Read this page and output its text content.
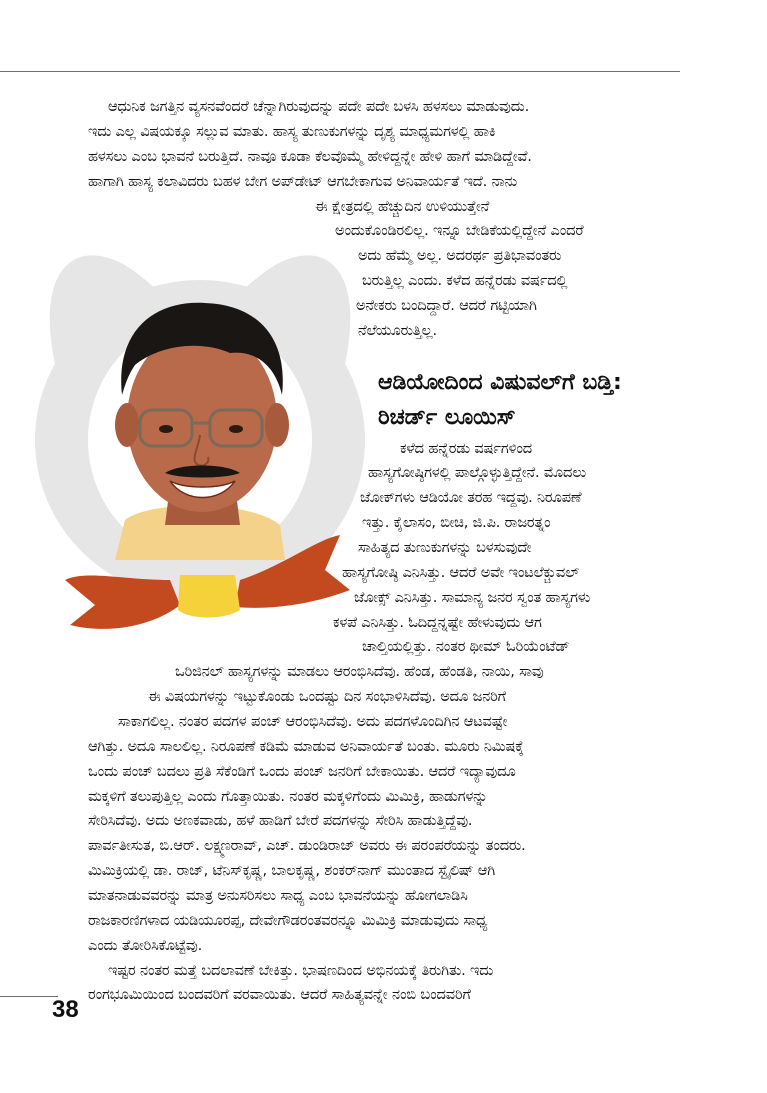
ಆಧುನಿಕ ಜಗತ್ತಿನ ವ್ಯಸನವೆಂದರೆ ಚೆನ್ನಾಗಿರುವುದನ್ನು ಪದೇ ಪದೇ ಬಳಸಿ ಹಳಸಲು ಮಾಡುವುದು.
ಇದು ಎಲ್ಲ ವಿಷಯಕ್ಕೂ ಸಲ್ಲುವ ಮಾತು. ಹಾಸ್ಯ ತುಣುಕುಗಳನ್ನು ದೃಶ್ಯ ಮಾಧ್ಯಮಗಳಲ್ಲಿ ಹಾಕಿ
ಹಳಸಲು ಎಂಬ ಭಾವನೆ ಬರುತ್ತಿದೆ. ನಾವೂ ಕೂಡಾ ಕೆಲವೊಮ್ಮೆ ಹೇಳಿದ್ದನ್ನೇ ಹೇಳಿ ಹಾಗೆ ಮಾಡಿದ್ದೇವೆ.
ಹಾಗಾಗಿ ಹಾಸ್ಯ ಕಲಾವಿದರು ಬಹಳ ಬೇಗ ಅಪ್‌ಡೇಟ್ ಆಗಬೇಕಾಗುವ ಅನಿವಾರ್ಯತೆ ಇದೆ. ನಾನು
ಈ ಕ್ಷೇತ್ರದಲ್ಲಿ ಹೆಚ್ಚುದಿನ ಉಳಿಯುತ್ತೇನೆ
ಅಂದುಕೊಂಡಿರಲಿಲ್ಲ. ಇನ್ನೂ ಬೇಡಿಕೆಯಲ್ಲಿದ್ದೇನೆ ಎಂದರೆ
ಅದು ಹೆಮ್ಮೆ ಅಲ್ಲ. ಅದರರ್ಥ ಪ್ರತಿಭಾವಂತರು
ಬರುತ್ತಿಲ್ಲ ಎಂದು. ಕಳೆದ ಹನ್ನೆರಡು ವರ್ಷದಲ್ಲಿ
ಅನೇಕರು ಬಂದಿದ್ದಾರೆ. ಆದರೆ ಗಟ್ಟಿಯಾಗಿ
ನೆಲೆಯೂರುತ್ತಿಲ್ಲ.
ಆಡಿಯೋದಿಂದ ವಿಷುವಲ್‌ಗೆ ಬಡ್ತಿ:
ರಿಚರ್ಡ್ ಲೂಯಿಸ್
ಕಳೆದ ಹನ್ನೆರಡು ವರ್ಷಗಳಿಂದ
ಹಾಸ್ಯಗೋಷ್ಠಿಗಳಲ್ಲಿ ಪಾಲ್ಗೊಳ್ಳುತ್ತಿದ್ದೇನೆ. ಮೊದಲು
ಜೋಕ್‌ಗಳು ಆಡಿಯೋ ತರಹ ಇದ್ದವು. ನಿರೂಪಣೆ
ಇತ್ತು. ಕೈಲಾಸಂ, ಬೀಚಿ, ಜಿ.ಪಿ. ರಾಜರತ್ನಂ
ಸಾಹಿತ್ಯದ ತುಣುಕುಗಳನ್ನು ಬಳಸುವುದೇ
ಹಾಸ್ಯಗೋಷ್ಠಿ ಎನಿಸಿತ್ತು. ಆದರೆ ಅವೇ ಇಂಟಲೆಕ್ಚುವಲ್
ಜೋಕ್ಸ್ ಎನಿಸಿತ್ತು. ಸಾಮಾನ್ಯ ಜನರ ಸ್ವಂತ ಹಾಸ್ಯಗಳು
ಕಳಪೆ ಎನಿಸಿತ್ತು. ಓದಿದ್ದನ್ನಷ್ಟೇ ಹೇಳುವುದು ಆಗ
ಚಾಲ್ತಿಯಲ್ಲಿತ್ತು. ನಂತರ ಥೀಮ್ ಓರಿಯೆಂಟೆಡ್
ಒರಿಜಿನಲ್ ಹಾಸ್ಯಗಳನ್ನು ಮಾಡಲು ಆರಂಭಿಸಿದೆವು. ಹೆಂಡ, ಹೆಂಡತಿ, ನಾಯಿ, ಸಾವು
ಈ ವಿಷಯಗಳನ್ನು ಇಟ್ಟುಕೊಂಡು ಒಂದಷ್ಟು ದಿನ ಸಂಭಾಳಿಸಿದೆವು. ಅದೂ ಜನರಿಗೆ
ಸಾಕಾಗಲಿಲ್ಲ. ನಂತರ ಪದಗಳ ಪಂಚ್ ಆರಂಭಿಸಿದೆವು. ಅದು ಪದಗಳೊಂದಿಗಿನ ಆಟವಷ್ಟೇ
ಆಗಿತ್ತು. ಅದೂ ಸಾಲಲಿಲ್ಲ. ನಿರೂಪಣೆ ಕಡಿಮೆ ಮಾಡುವ ಅನಿವಾರ್ಯತೆ ಬಂತು. ಮೂರು ನಿಮಿಷಕ್ಕೆ
ಒಂದು ಪಂಚ್ ಬದಲು ಪ್ರತಿ ಸೆಕೆಂಡಿಗೆ ಒಂದು ಪಂಚ್ ಜನರಿಗೆ ಬೇಕಾಯಿತು. ಆದರೆ ಇದ್ಯಾವುದೂ
ಮಕ್ಕಳಿಗೆ ತಲುಪುತ್ತಿಲ್ಲ ಎಂದು ಗೊತ್ತಾಯಿತು. ನಂತರ ಮಕ್ಕಳಿಗೆಂದು ಮಿಮಿಕ್ರಿ, ಹಾಡುಗಳನ್ನು
ಸೇರಿಸಿದೆವು. ಅದು ಅಣಕವಾಡು, ಹಳೆ ಹಾಡಿಗೆ ಬೇರೆ ಪದಗಳನ್ನು ಸೇರಿಸಿ ಹಾಡುತ್ತಿದ್ದೆವು.
ಪಾರ್ವತೀಸುತ, ಬಿ.ಆರ್. ಲಕ್ಷ್ಮಣರಾವ್, ಎಚ್. ಡುಂಡಿರಾಜ್ ಅವರು ಈ ಪರಂಪರೆಯನ್ನು ತಂದರು.
ಮಿಮಿಕ್ರಿಯಲ್ಲಿ ಡಾ. ರಾಜ್, ಟೆನಿಸ್‌ಕೃಷ್ಣ, ಬಾಲಕೃಷ್ಣ, ಶಂಕರ್‌ನಾಗ್ ಮುಂತಾದ ಸ್ಟೈಲಿಷ್ ಆಗಿ
ಮಾತನಾಡುವವರನ್ನು ಮಾತ್ರ ಅನುಸರಿಸಲು ಸಾಧ್ಯ ಎಂಬ ಭಾವನೆಯನ್ನು ಹೋಗಲಾಡಿಸಿ
ರಾಜಕಾರಣಿಗಳಾದ ಯಡಿಯೂರಪ್ಪ, ದೇವೇಗೌಡರಂತವರನ್ನೂ ಮಿಮಿಕ್ರಿ ಮಾಡುವುದು ಸಾಧ್ಯ
ಎಂದು ತೋರಿಸಿಕೊಟ್ಟೆವು.
ಇಷ್ಟರ ನಂತರ ಮತ್ತೆ ಬದಲಾವಣೆ ಬೇಕಿತ್ತು. ಭಾಷಣದಿಂದ ಅಭಿನಯಕ್ಕೆ ತಿರುಗಿತು. ಇದು
ರಂಗಭೂಮಿಯಿಂದ ಬಂದವರಿಗೆ ವರವಾಯಿತು. ಆದರೆ ಸಾಹಿತ್ಯವನ್ನೇ ನಂಬಿ ಬಂದವರಿಗೆ
38
